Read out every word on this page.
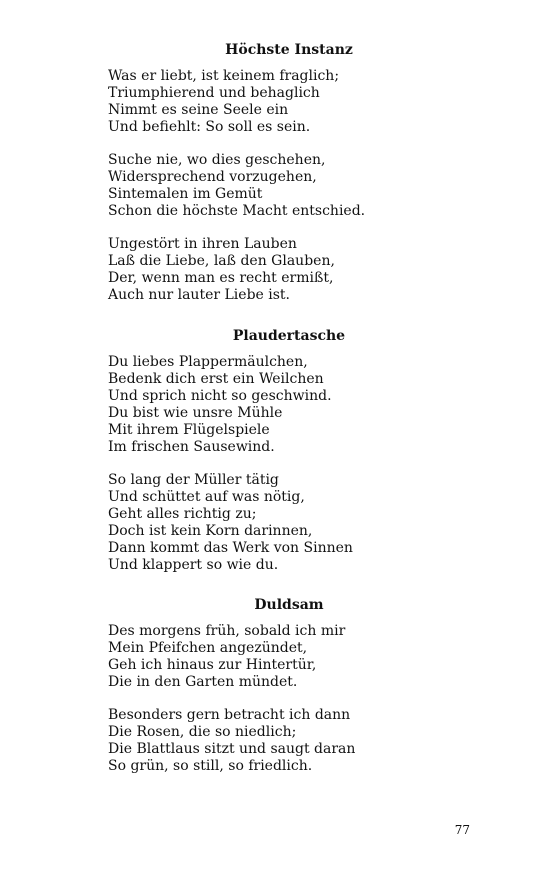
Höchste Instanz
Was er liebt, ist keinem fraglich;
Triumphierend und behaglich
Nimmt es seine Seele ein
Und befiehlt: So soll es sein.
Suche nie, wo dies geschehen,
Widersprechend vorzugehen,
Sintemalen im Gemüt
Schon die höchste Macht entschied.
Ungestört in ihren Lauben
Laß die Liebe, laß den Glauben,
Der, wenn man es recht ermißt,
Auch nur lauter Liebe ist.
Plaudertasche
Du liebes Plappermäulchen,
Bedenk dich erst ein Weilchen
Und sprich nicht so geschwind.
Du bist wie unsre Mühle
Mit ihrem Flügelspiele
Im frischen Sausewind.
So lang der Müller tätig
Und schüttet auf was nötig,
Geht alles richtig zu;
Doch ist kein Korn darinnen,
Dann kommt das Werk von Sinnen
Und klappert so wie du.
Duldsam
Des morgens früh, sobald ich mir
Mein Pfeifchen angezündet,
Geh ich hinaus zur Hintertür,
Die in den Garten mündet.
Besonders gern betracht ich dann
Die Rosen, die so niedlich;
Die Blattlaus sitzt und saugt daran
So grün, so still, so friedlich.
77
